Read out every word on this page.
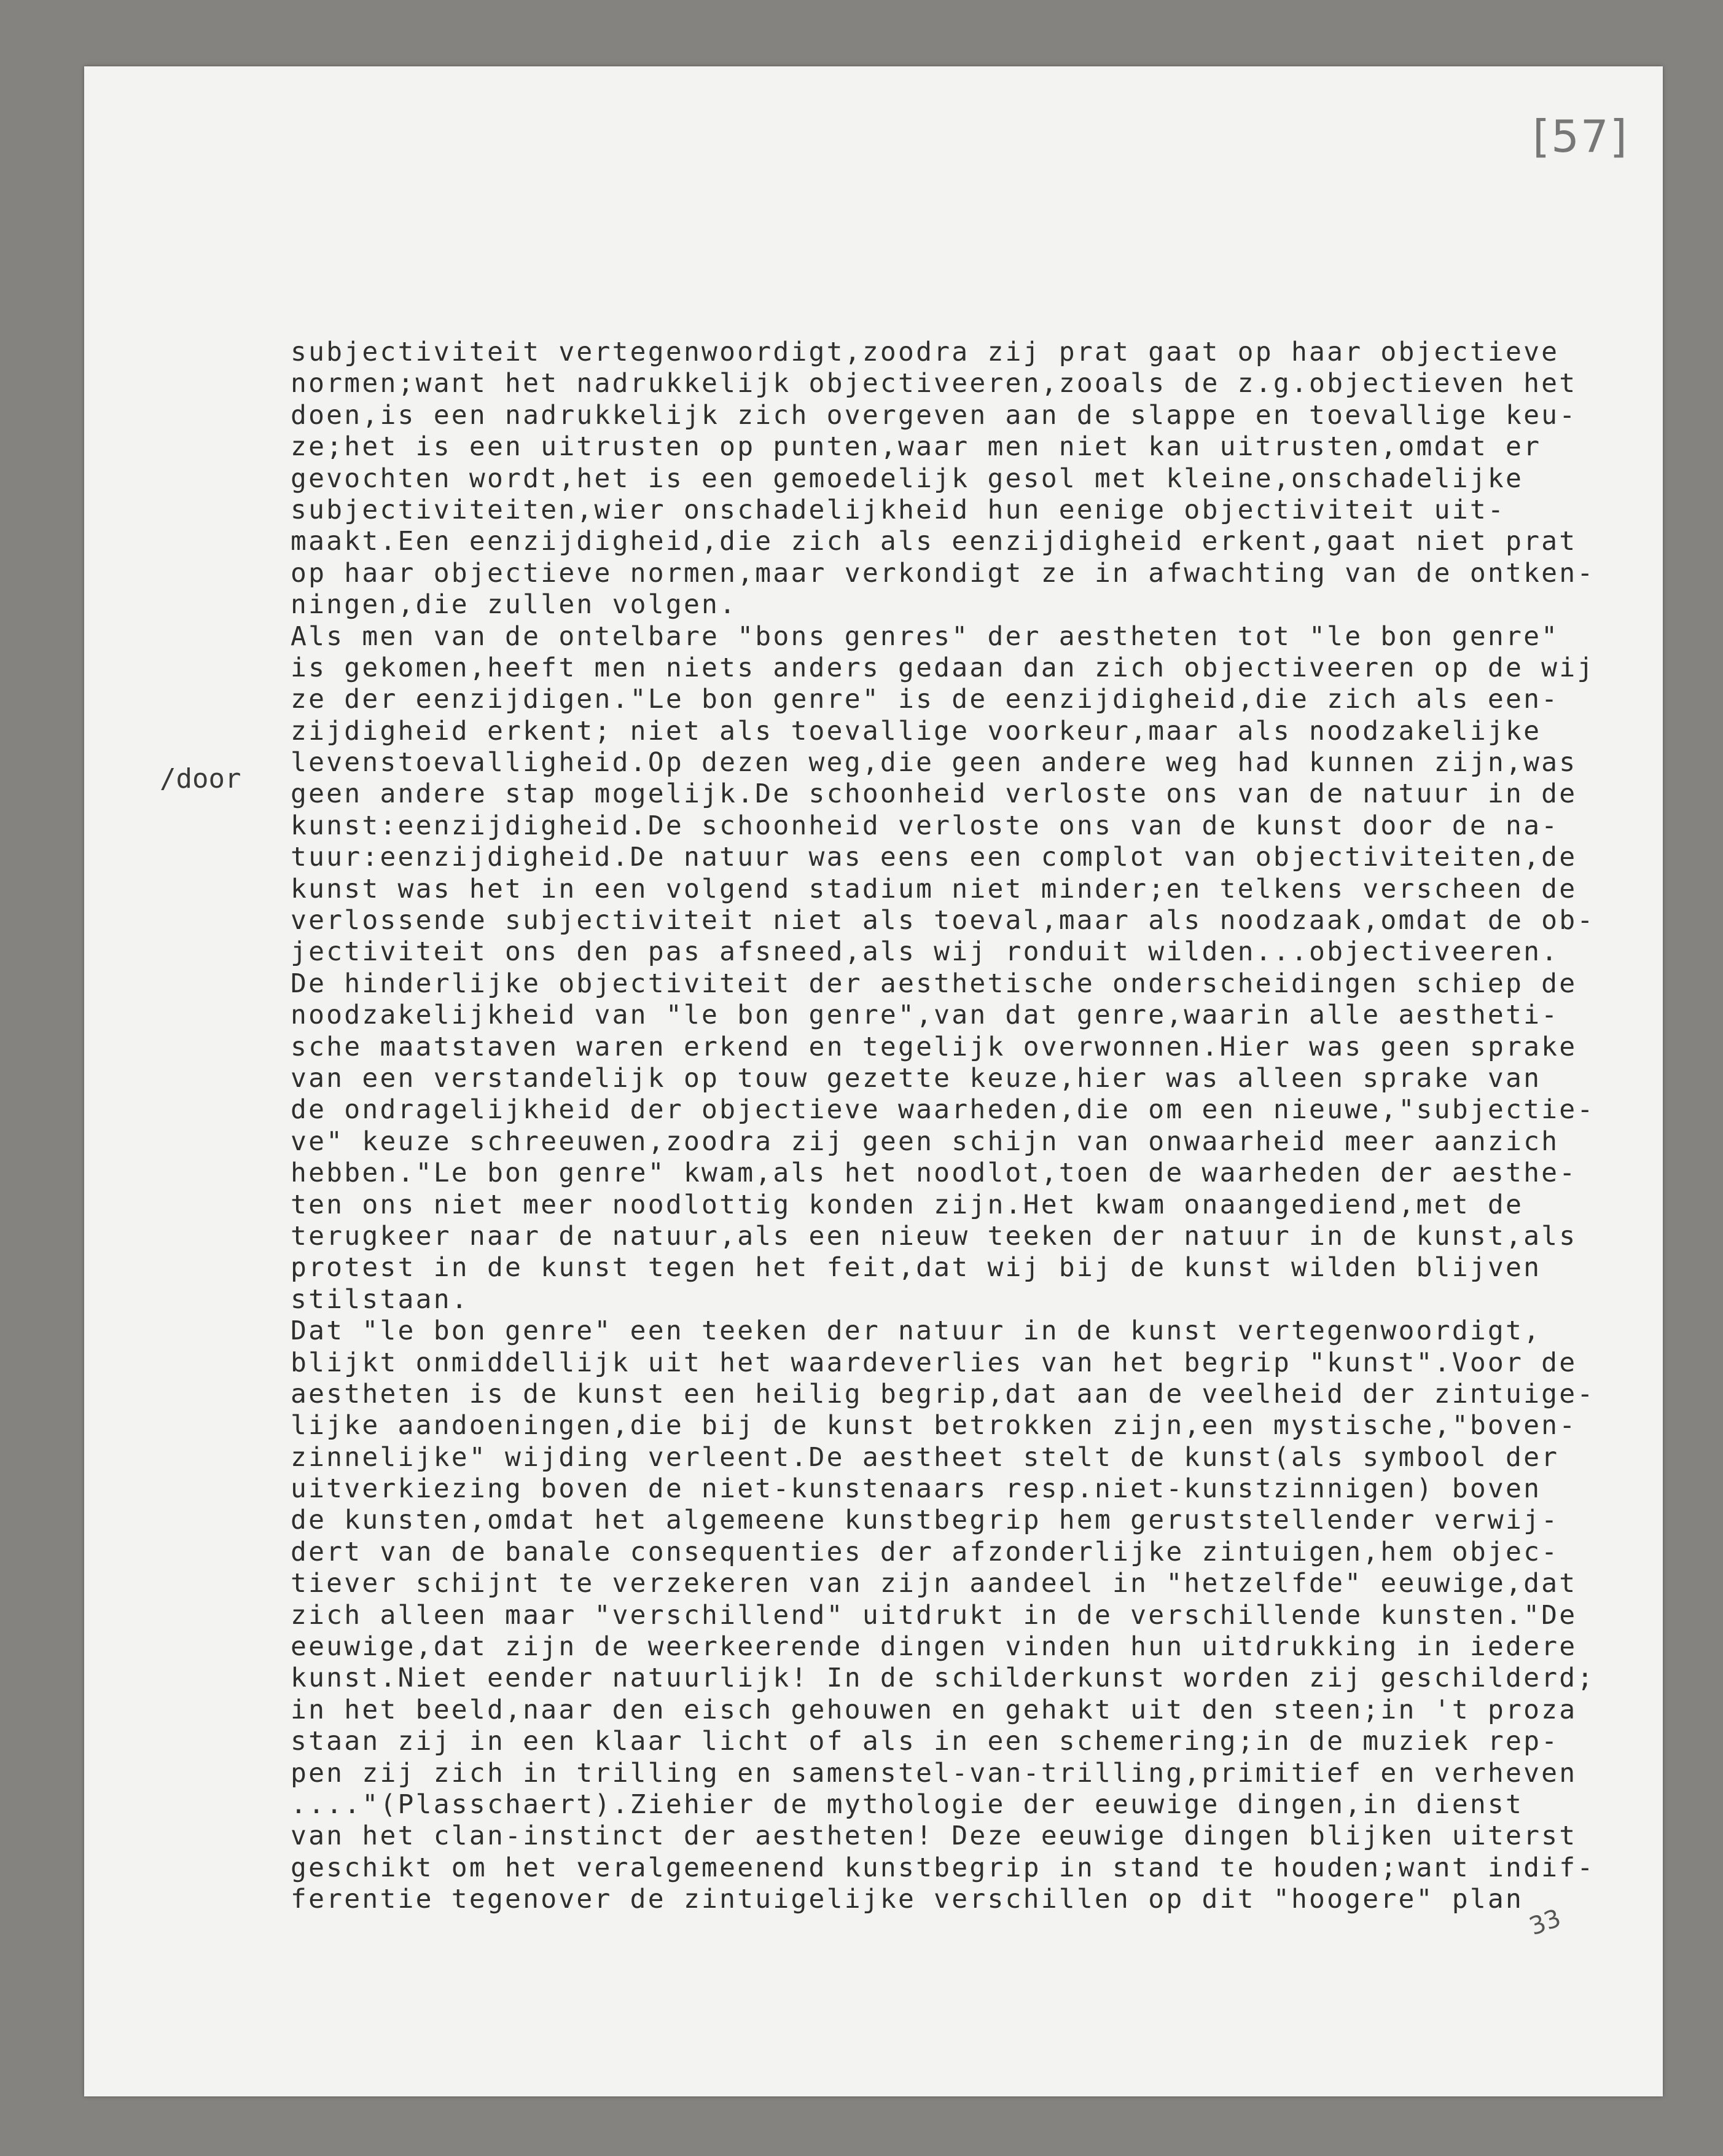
[57]
/door
subjectiviteit vertegenwoordigt,zoodra zij prat gaat op haar objectieve
normen;want het nadrukkelijk objectiveeren,zooals de z.g.objectieven het
doen,is een nadrukkelijk zich overgeven aan de slappe en toevallige keu-
ze;het is een uitrusten op punten,waar men niet kan uitrusten,omdat er
gevochten wordt,het is een gemoedelijk gesol met kleine,onschadelijke
subjectiviteiten,wier onschadelijkheid hun eenige objectiviteit uit-
maakt.Een eenzijdigheid,die zich als eenzijdigheid erkent,gaat niet prat
op haar objectieve normen,maar verkondigt ze in afwachting van de ontken-
ningen,die zullen volgen.
Als men van de ontelbare "bons genres" der aestheten tot "le bon genre"
is gekomen,heeft men niets anders gedaan dan zich objectiveeren op de wij
ze der eenzijdigen."Le bon genre" is de eenzijdigheid,die zich als een-
zijdigheid erkent; niet als toevallige voorkeur,maar als noodzakelijke
levenstoevalligheid.Op dezen weg,die geen andere weg had kunnen zijn,was
geen andere stap mogelijk.De schoonheid verloste ons van de natuur in de
kunst:eenzijdigheid.De schoonheid verloste ons van de kunst door de na-
tuur:eenzijdigheid.De natuur was eens een complot van objectiviteiten,de
kunst was het in een volgend stadium niet minder;en telkens verscheen de
verlossende subjectiviteit niet als toeval,maar als noodzaak,omdat de ob-
jectiviteit ons den pas afsneed,als wij ronduit wilden...objectiveeren.
De hinderlijke objectiviteit der aesthetische onderscheidingen schiep de
noodzakelijkheid van "le bon genre",van dat genre,waarin alle aestheti-
sche maatstaven waren erkend en tegelijk overwonnen.Hier was geen sprake
van een verstandelijk op touw gezette keuze,hier was alleen sprake van
de ondragelijkheid der objectieve waarheden,die om een nieuwe,"subjectie-
ve" keuze schreeuwen,zoodra zij geen schijn van onwaarheid meer aanzich
hebben."Le bon genre" kwam,als het noodlot,toen de waarheden der aesthe-
ten ons niet meer noodlottig konden zijn.Het kwam onaangediend,met de
terugkeer naar de natuur,als een nieuw teeken der natuur in de kunst,als
protest in de kunst tegen het feit,dat wij bij de kunst wilden blijven
stilstaan.
Dat "le bon genre" een teeken der natuur in de kunst vertegenwoordigt,
blijkt onmiddellijk uit het waardeverlies van het begrip "kunst".Voor de
aestheten is de kunst een heilig begrip,dat aan de veelheid der zintuige-
lijke aandoeningen,die bij de kunst betrokken zijn,een mystische,"boven-
zinnelijke" wijding verleent.De aestheet stelt de kunst(als symbool der
uitverkiezing boven de niet-kunstenaars resp.niet-kunstzinnigen) boven
de kunsten,omdat het algemeene kunstbegrip hem geruststellender verwij-
dert van de banale consequenties der afzonderlijke zintuigen,hem objec-
tiever schijnt te verzekeren van zijn aandeel in "hetzelfde" eeuwige,dat
zich alleen maar "verschillend" uitdrukt in de verschillende kunsten."De
eeuwige,dat zijn de weerkeerende dingen vinden hun uitdrukking in iedere
kunst.Niet eender natuurlijk! In de schilderkunst worden zij geschilderd;
in het beeld,naar den eisch gehouwen en gehakt uit den steen;in 't proza
staan zij in een klaar licht of als in een schemering;in de muziek rep-
pen zij zich in trilling en samenstel-van-trilling,primitief en verheven
...."(Plasschaert).Ziehier de mythologie der eeuwige dingen,in dienst
van het clan-instinct der aestheten! Deze eeuwige dingen blijken uiterst
geschikt om het veralgemeenend kunstbegrip in stand te houden;want indif-
ferentie tegenover de zintuigelijke verschillen op dit "hoogere" plan
33
